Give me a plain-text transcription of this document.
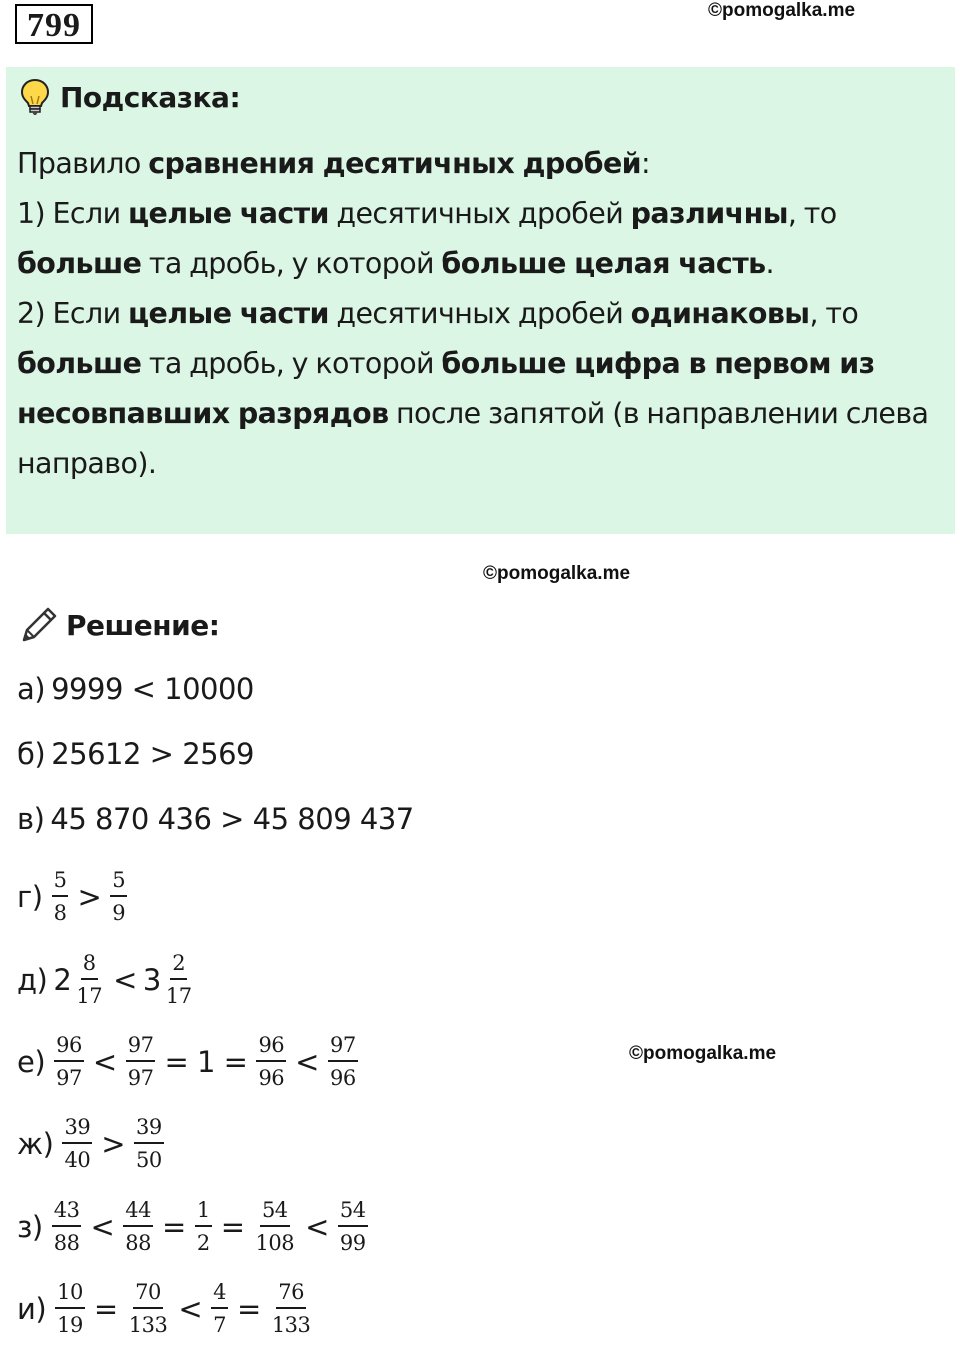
799	©pomogalka.me
Подсказка:

Правило сравнения десятичных дробей:

1) Если целые части десятичных дробей различны, то больше та дробь, у которой больше целая часть.

2) Если целые части десятичных дробей одинаковы, то больше та дробь, у которой больше цифра в первом из несовпавших разрядов после запятой (в направлении слева направо).

©pomogalka.me
Решение:
а) 9999 < 10000
б) 25612 > 2569
в) 45 870 436 > 45 809 437
$г) \frac{5}{8} > \frac{5}{9}$
д) $2 \frac{8}{17} < 3 \frac{2}{17}$
$е) \frac{96}{97} < \frac{97}{97} = 1 = \frac{96}{96} < \frac{97}{96}$	©pomogalka.me
$ж) \frac{39}{40} > \frac{39}{50}$
$з) \frac{43}{88} < \frac{44}{88} = \frac{1}{2} = \frac{54}{108} < \frac{54}{99}$
$и) \frac{10}{19} = \frac{70}{133} < \frac{4}{7} = \frac{76}{133}$
